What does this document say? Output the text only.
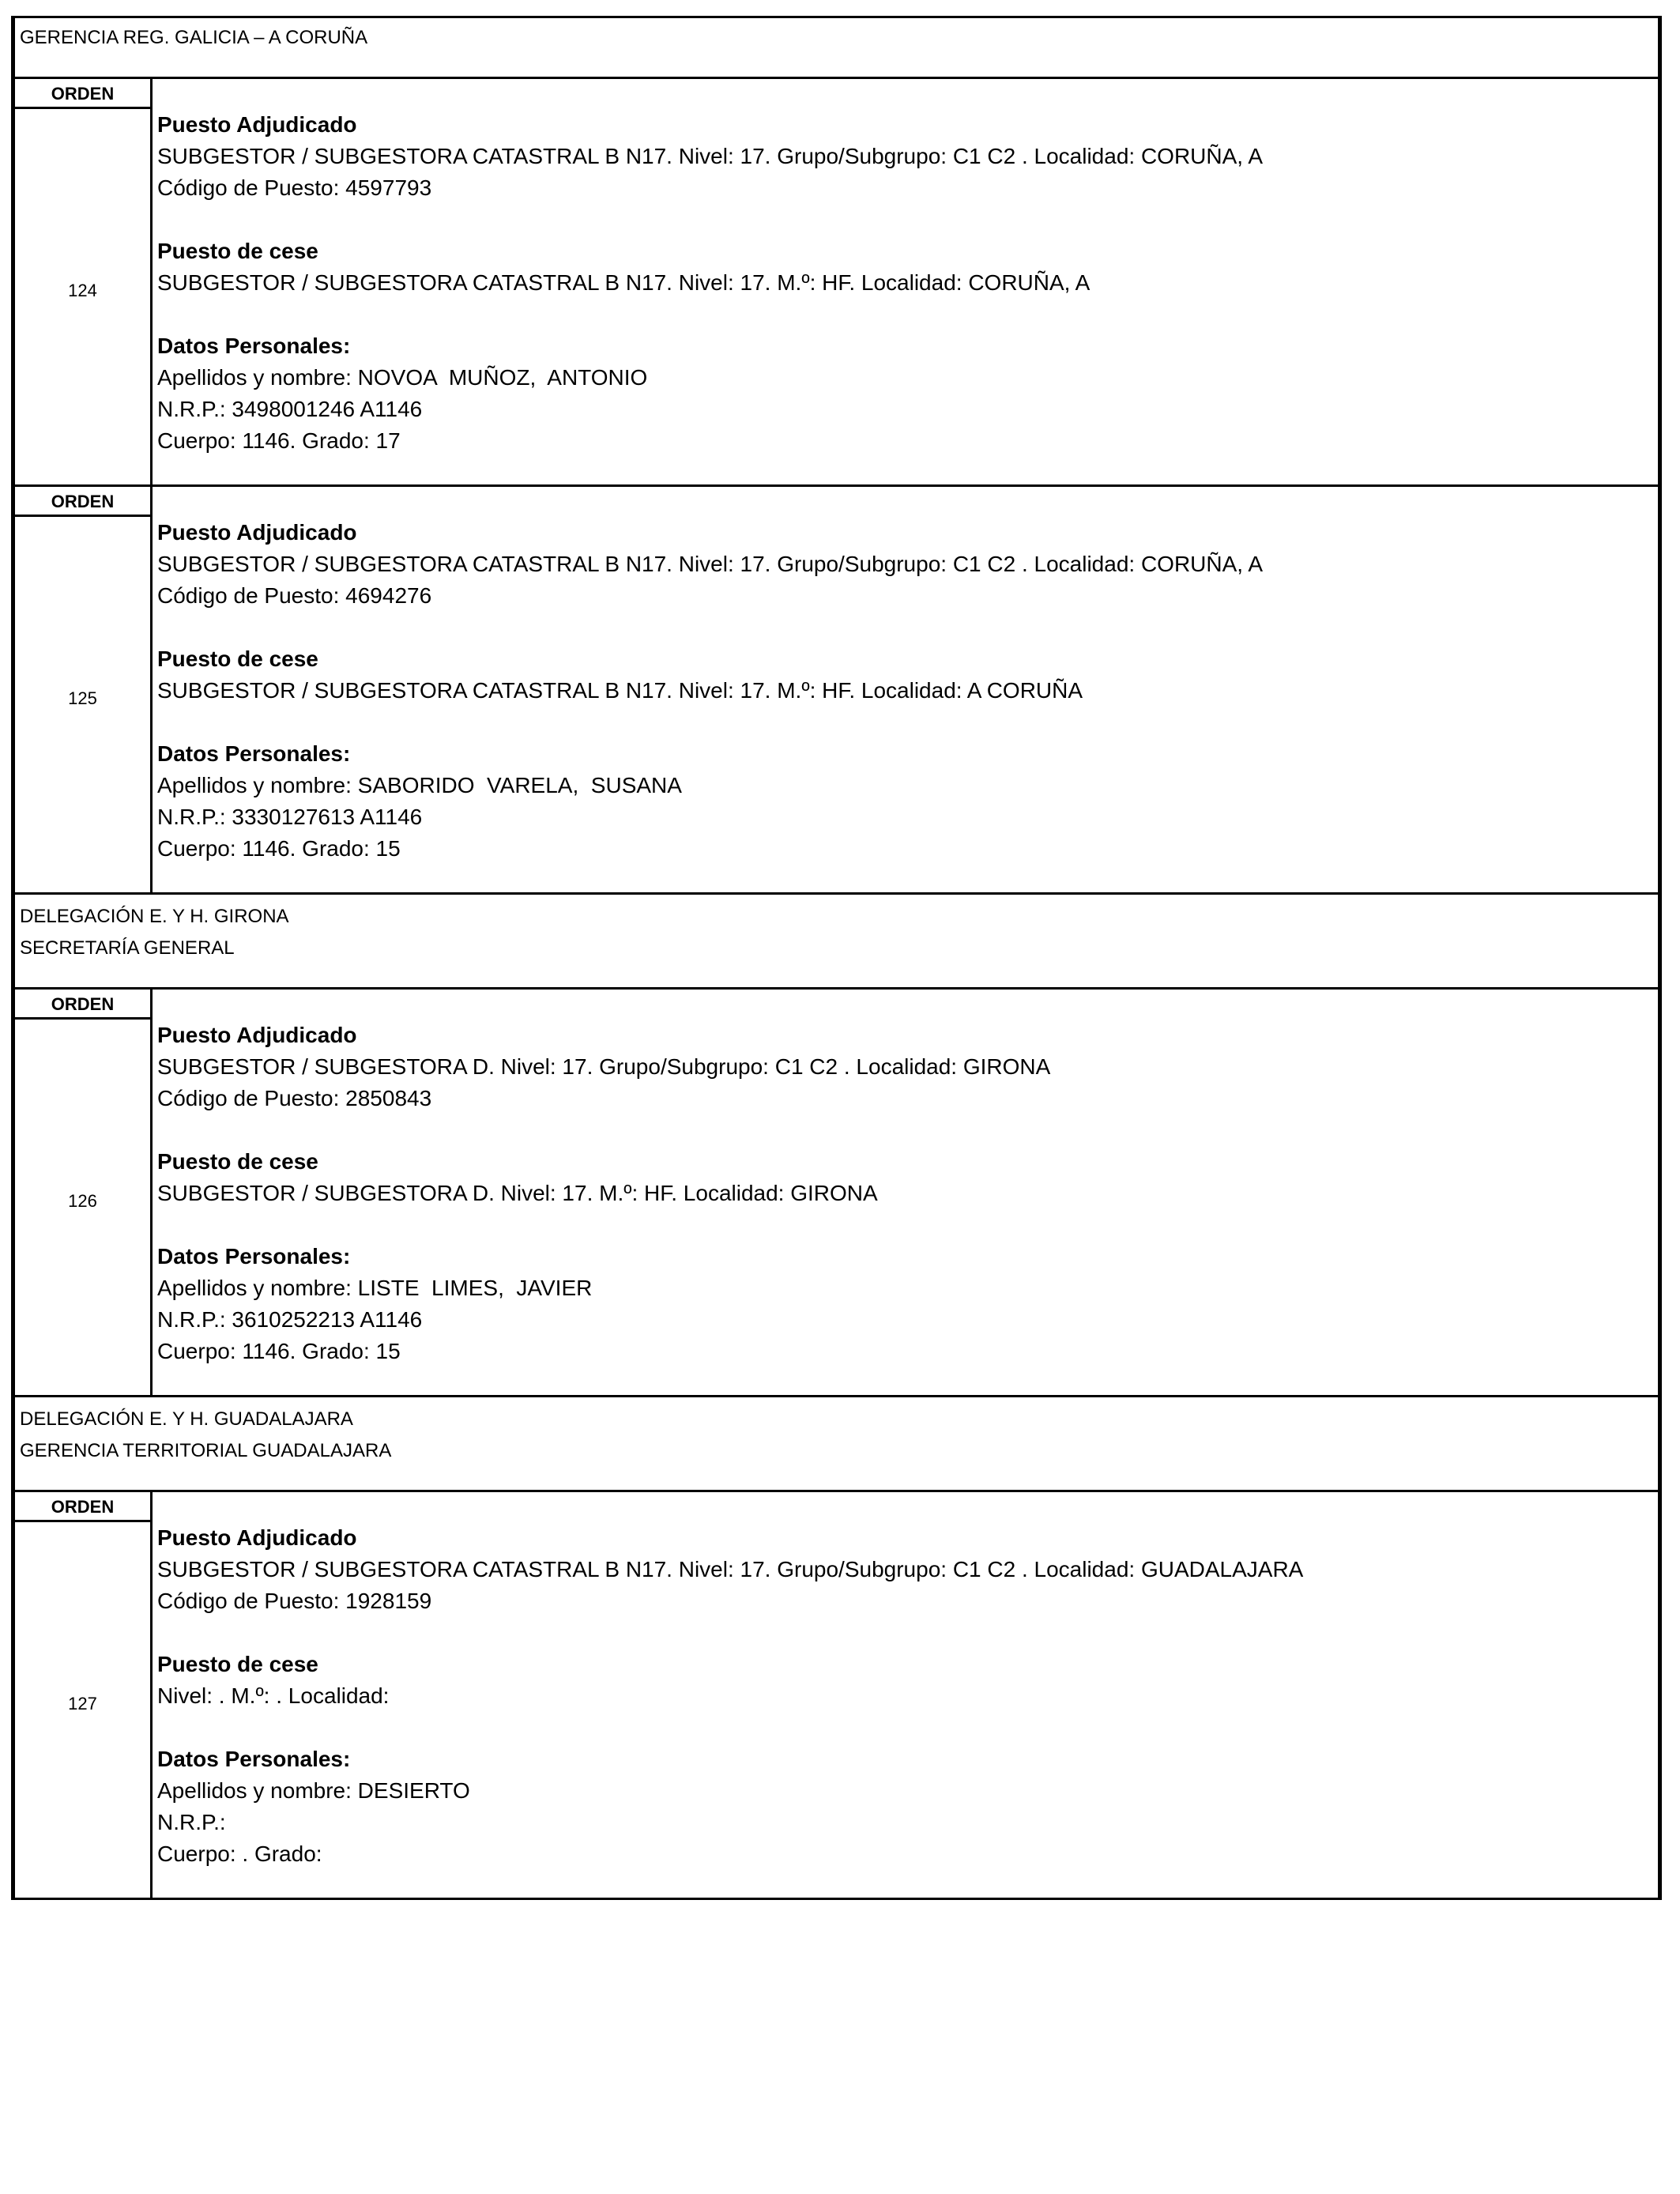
GERENCIA REG. GALICIA – A CORUÑA
ORDEN
124
Puesto Adjudicado
SUBGESTOR / SUBGESTORA CATASTRAL B N17. Nivel: 17. Grupo/Subgrupo: C1 C2 . Localidad: CORUÑA, A
Código de Puesto: 4597793
Puesto de cese
SUBGESTOR / SUBGESTORA CATASTRAL B N17. Nivel: 17. M.º: HF. Localidad: CORUÑA, A
Datos Personales:
Apellidos y nombre: NOVOA  MUÑOZ,  ANTONIO
N.R.P.: 3498001246 A1146
Cuerpo: 1146. Grado: 17
ORDEN
125
Puesto Adjudicado
SUBGESTOR / SUBGESTORA CATASTRAL B N17. Nivel: 17. Grupo/Subgrupo: C1 C2 . Localidad: CORUÑA, A
Código de Puesto: 4694276
Puesto de cese
SUBGESTOR / SUBGESTORA CATASTRAL B N17. Nivel: 17. M.º: HF. Localidad: A CORUÑA
Datos Personales:
Apellidos y nombre: SABORIDO  VARELA,  SUSANA
N.R.P.: 3330127613 A1146
Cuerpo: 1146. Grado: 15
DELEGACIÓN E. Y H. GIRONA
SECRETARÍA GENERAL
ORDEN
126
Puesto Adjudicado
SUBGESTOR / SUBGESTORA D. Nivel: 17. Grupo/Subgrupo: C1 C2 . Localidad: GIRONA
Código de Puesto: 2850843
Puesto de cese
SUBGESTOR / SUBGESTORA D. Nivel: 17. M.º: HF. Localidad: GIRONA
Datos Personales:
Apellidos y nombre: LISTE  LIMES,  JAVIER
N.R.P.: 3610252213 A1146
Cuerpo: 1146. Grado: 15
DELEGACIÓN E. Y H. GUADALAJARA
GERENCIA TERRITORIAL GUADALAJARA
ORDEN
127
Puesto Adjudicado
SUBGESTOR / SUBGESTORA CATASTRAL B N17. Nivel: 17. Grupo/Subgrupo: C1 C2 . Localidad: GUADALAJARA
Código de Puesto: 1928159
Puesto de cese
Nivel: . M.º: . Localidad:
Datos Personales:
Apellidos y nombre: DESIERTO
N.R.P.:
Cuerpo: . Grado:
